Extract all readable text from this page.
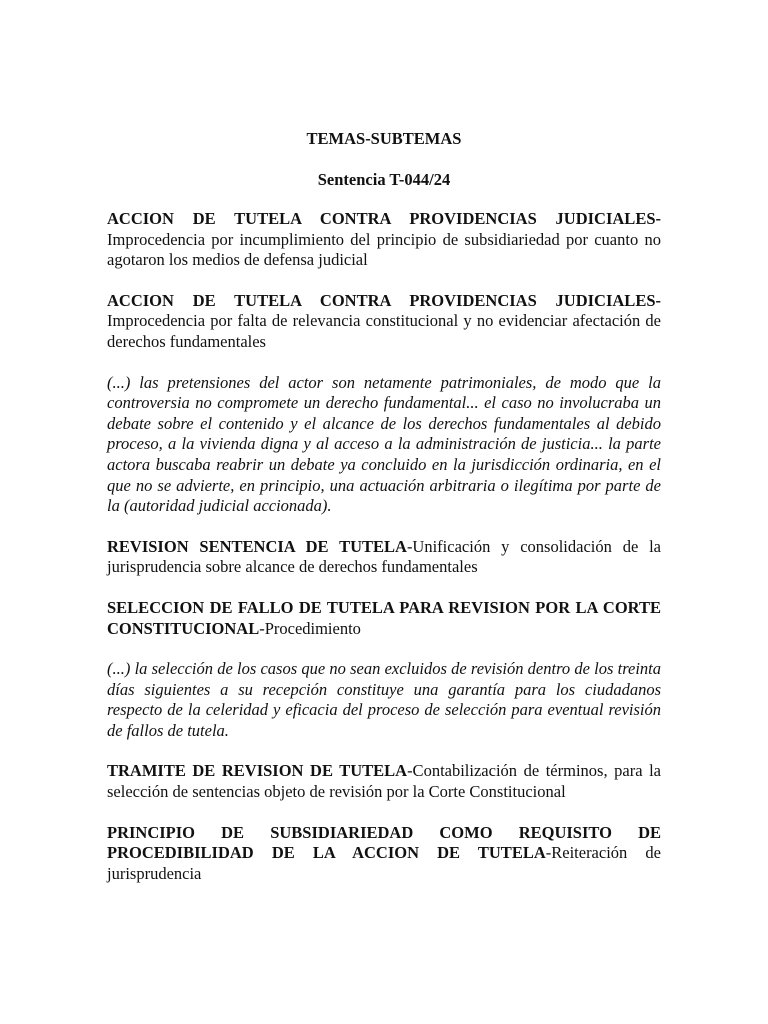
TEMAS-SUBTEMAS

Sentencia T-044/24

ACCION DE TUTELA CONTRA PROVIDENCIAS JUDICIALES-Improcedencia por incumplimiento del principio de subsidiariedad por cuanto no agotaron los medios de defensa judicial

ACCION DE TUTELA CONTRA PROVIDENCIAS JUDICIALES-Improcedencia por falta de relevancia constitucional y no evidenciar afectación de derechos fundamentales

(...) las pretensiones del actor son netamente patrimoniales, de modo que la controversia no compromete un derecho fundamental... el caso no involucraba un debate sobre el contenido y el alcance de los derechos fundamentales al debido proceso, a la vivienda digna y al acceso a la administración de justicia... la parte actora buscaba reabrir un debate ya concluido en la jurisdicción ordinaria, en el que no se advierte, en principio, una actuación arbitraria o ilegítima por parte de la (autoridad judicial accionada).

REVISION SENTENCIA DE TUTELA-Unificación y consolidación de la jurisprudencia sobre alcance de derechos fundamentales

SELECCION DE FALLO DE TUTELA PARA REVISION POR LA CORTE CONSTITUCIONAL-Procedimiento

(...) la selección de los casos que no sean excluidos de revisión dentro de los treinta días siguientes a su recepción constituye una garantía para los ciudadanos respecto de la celeridad y eficacia del proceso de selección para eventual revisión de fallos de tutela.

TRAMITE DE REVISION DE TUTELA-Contabilización de términos, para la selección de sentencias objeto de revisión por la Corte Constitucional

PRINCIPIO DE SUBSIDIARIEDAD COMO REQUISITO DE PROCEDIBILIDAD DE LA ACCION DE TUTELA-Reiteración de jurisprudencia
